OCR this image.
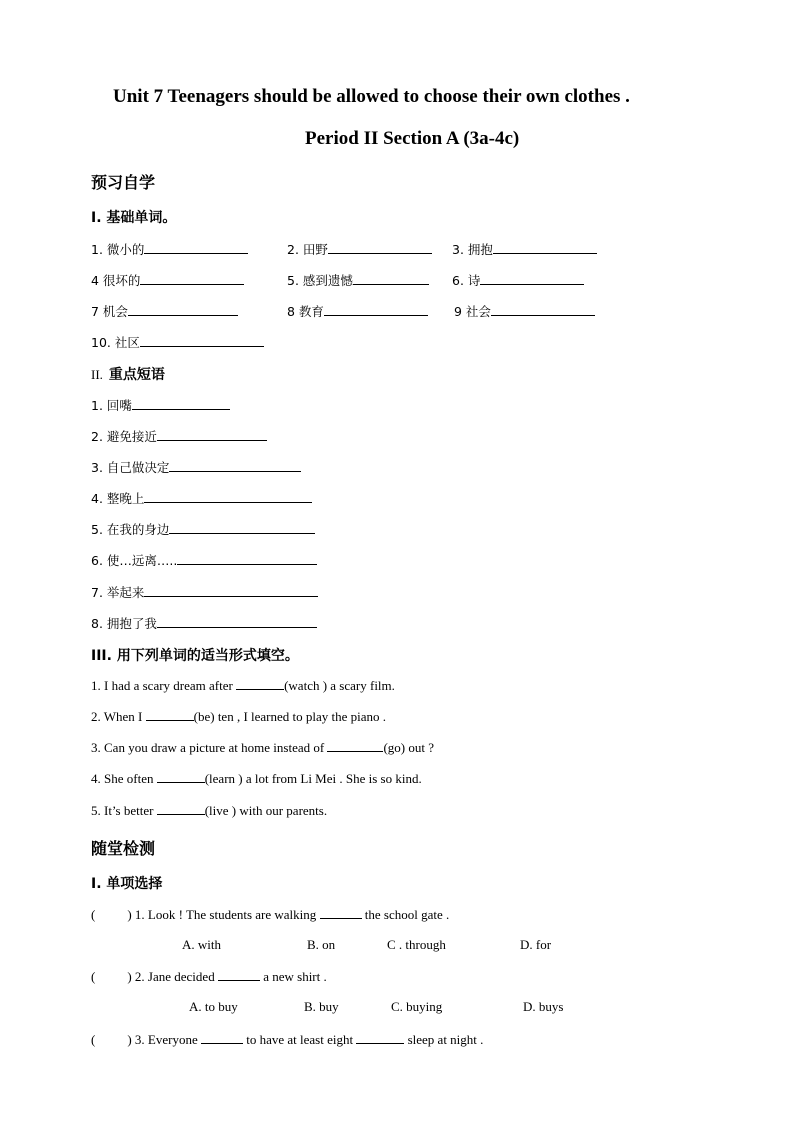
Unit 7 Teenagers should be allowed to choose their own clothes .
Period II Section A (3a-4c)
预习自学
I. 基础单词。
1. 微小的	2. 田野	3. 拥抱
4 很坏的	5. 感到遗憾	6. 诗
7 机会	8 教育	9 社会
10. 社区
II. 重点短语
1. 回嘴
2. 避免接近
3. 自己做决定
4. 整晚上
5. 在我的身边
6. 使…远离…..
7. 举起来
8. 拥抱了我
III. 用下列单词的适当形式填空。
1. I had a scary dream after	(watch ) a scary film.
2. When I	(be) ten , I learned to play the piano .
3. Can you draw a picture at home instead of	(go) out ?
4. She often	(learn ) a lot from Li Mei . She is so kind.
5. It’s better	(live ) with our parents.
随堂检测
I. 单项选择
( ) 1. Look ! The students are walking	the school gate .
A. with	B. on	C . through	D. for
( ) 2. Jane decided	a new shirt .
A. to buy	B. buy	C. buying	D. buys
( ) 3. Everyone	to have at least eight	sleep at night .
